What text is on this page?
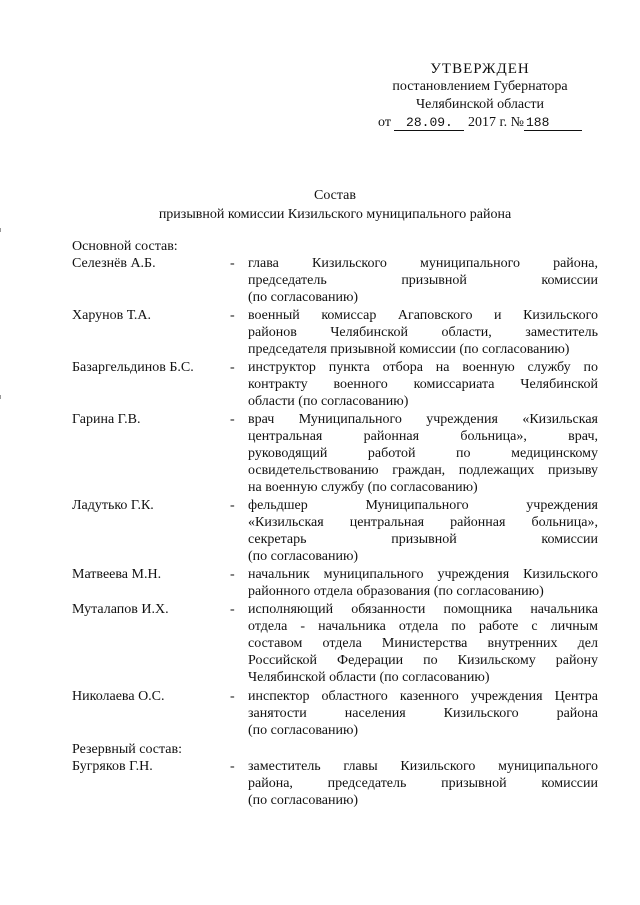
УТВЕРЖДЕН
постановлением Губернатора
Челябинской области
от 28.09. 2017 г. № 188
Состав
призывной комиссии Кизильского муниципального района
Основной состав:
Селезнёв А.Б.	- глава Кизильского муниципального района,
председатель призывной комиссии
(по согласованию)
Харунов Т.А.	- военный комиссар Агаповского и Кизильского
районов Челябинской области, заместитель
председателя призывной комиссии (по согласованию)
Базаргельдинов Б.С.	- инструктор пункта отбора на военную службу по
контракту военного комиссариата Челябинской
области (по согласованию)
Гарина Г.В.	- врач Муниципального учреждения «Кизильская
центральная районная больница», врач,
руководящий работой по медицинскому
освидетельствованию граждан, подлежащих призыву
на военную службу (по согласованию)
Ладутько Г.К.	- фельдшер Муниципального учреждения
«Кизильская центральная районная больница»,
секретарь призывной комиссии
(по согласованию)
Матвеева М.Н.	- начальник муниципального учреждения Кизильского
районного отдела образования (по согласованию)
Муталапов И.Х.	- исполняющий обязанности помощника начальника
отдела - начальника отдела по работе с личным
составом отдела Министерства внутренних дел
Российской Федерации по Кизильскому району
Челябинской области (по согласованию)
Николаева О.С.	- инспектор областного казенного учреждения Центра
занятости населения Кизильского района
(по согласованию)
Резервный состав:
Бугряков Г.Н.	- заместитель главы Кизильского муниципального
района, председатель призывной комиссии
(по согласованию)
